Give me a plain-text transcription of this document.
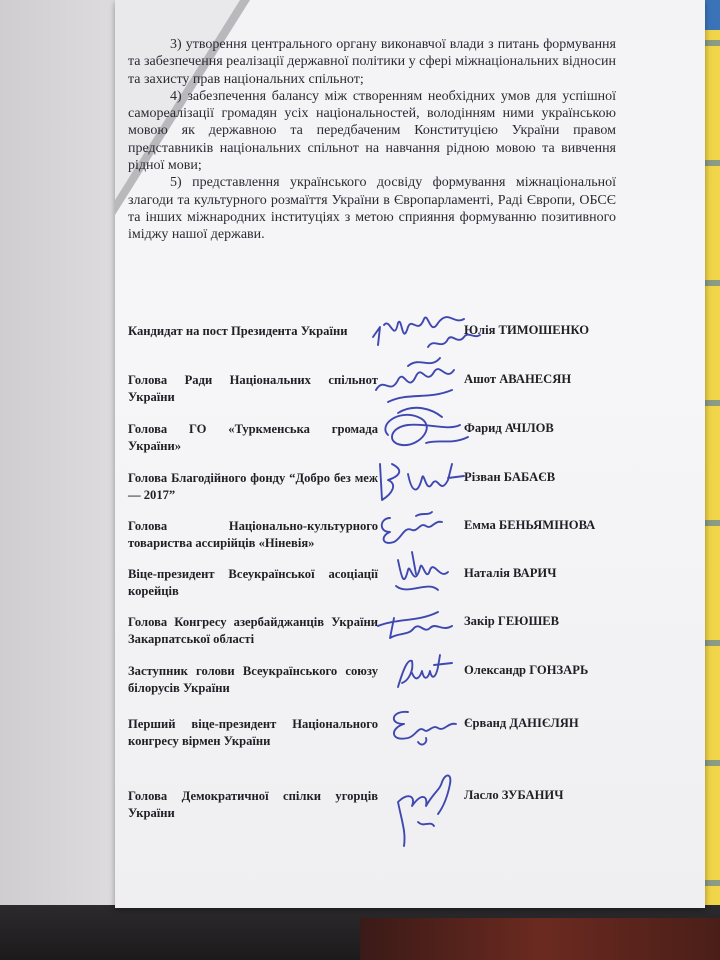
3) утворення центрального органу виконавчої влади з питань формування та забезпечення реалізації державної політики у сфері міжнаціональних відносин та захисту прав національних спільнот;

4) забезпечення балансу між створенням необхідних умов для успішної самореалізації громадян усіх національностей, володінням ними українською мовою як державною та передбаченим Конституцією України правом представників національних спільнот на навчання рідною мовою та вивчення рідної мови;

5) представлення українського досвіду формування міжнаціональної злагоди та культурного розмаїття України в Європарламенті, Раді Європи, ОБСЄ та інших міжнародних інституціях з метою сприяння формуванню позитивного іміджу нашої держави.

Кандидат на пост Президента України	Юлія ТИМОШЕНКО
Голова Ради Національних спільнот України
Ашот АВАНЕСЯН
Голова ГО «Туркменська громада України»
Фарид АЧІЛОВ
Голова Благодійного фонду “Добро без меж — 2017”
Різван БАБАЄВ
Голова Національно-культурного товариства ассирійців «Ніневія»
Емма БЕНЬЯМІНОВА
Віце-президент Всеукраїнської асоціації корейців
Наталія ВАРИЧ
Голова Конгресу азербайджанців України Закарпатської області
Закір ГЕЮШЕВ
Заступник голови Всеукраїнського союзу білорусів України
Олександр ГОНЗАРЬ
Перший віце-президент Національного конгресу вірмен України
Єрванд ДАНІЄЛЯН
Голова Демократичної спілки угорців України
Ласло ЗУБАНИЧ
